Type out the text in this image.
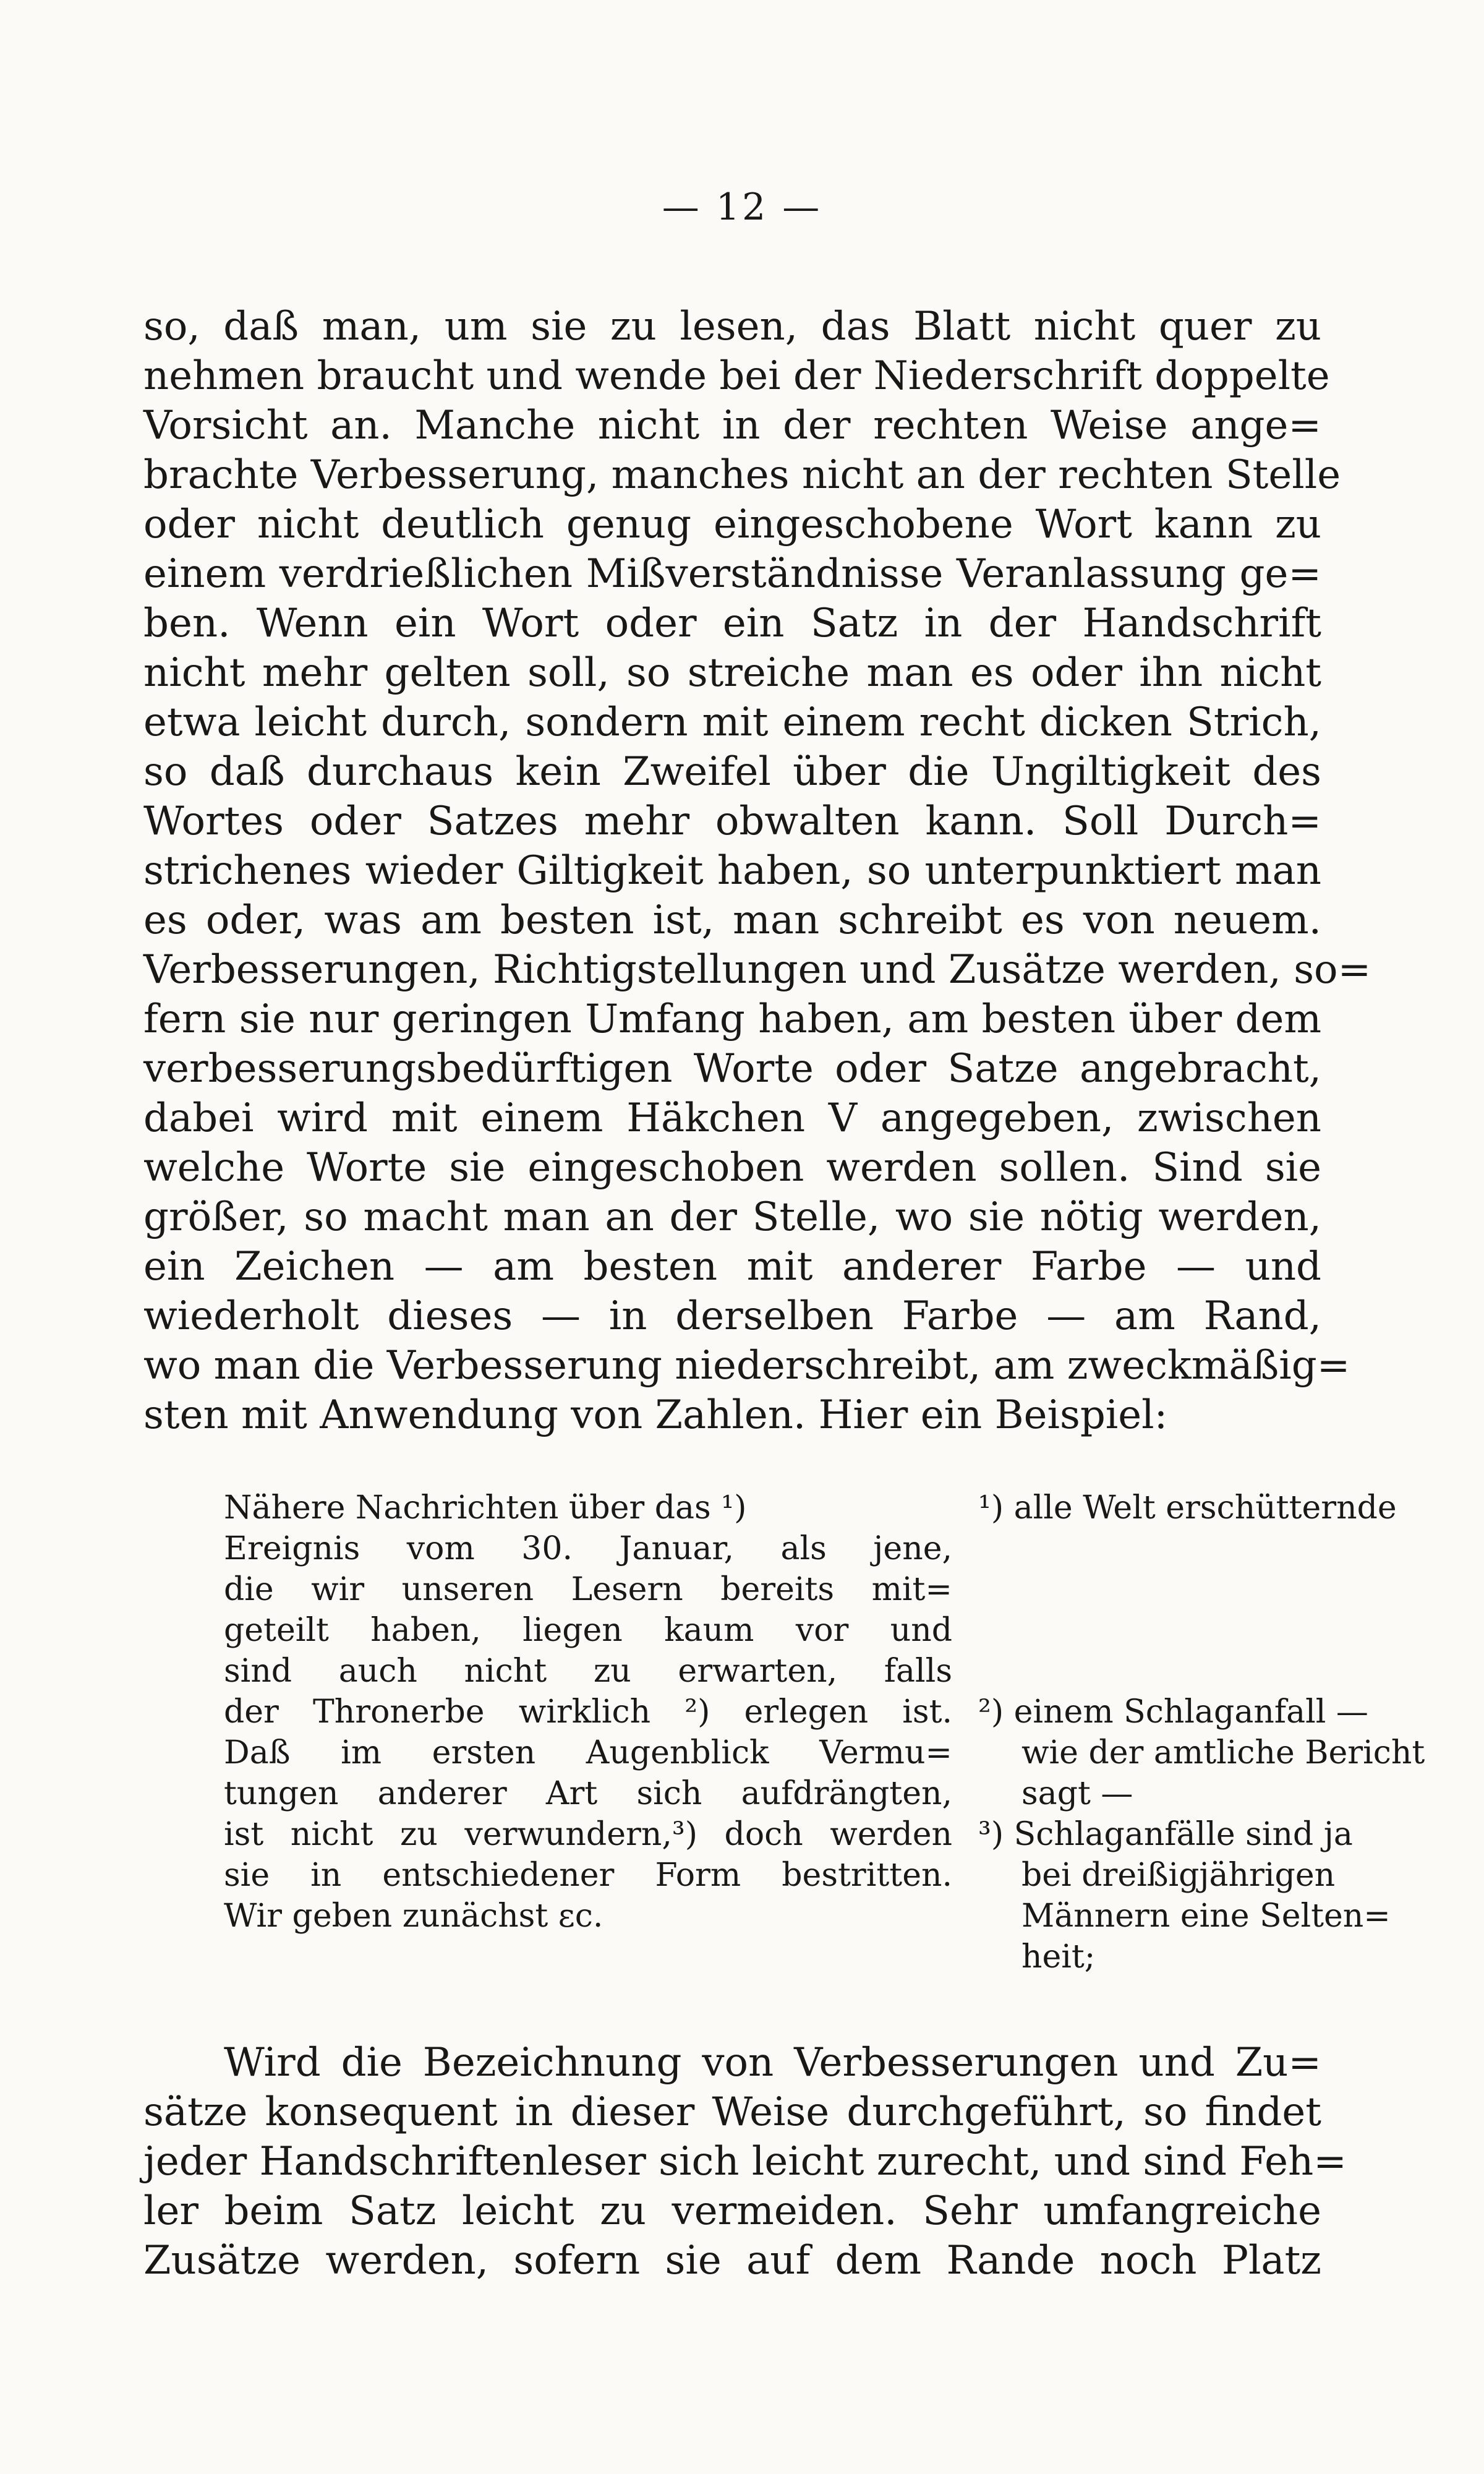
— 12 —
so, daß man, um sie zu lesen, das Blatt nicht quer zu
nehmen braucht und wende bei der Niederschrift doppelte
Vorsicht an. Manche nicht in der rechten Weise ange=
brachte Verbesserung, manches nicht an der rechten Stelle
oder nicht deutlich genug eingeschobene Wort kann zu
einem verdrießlichen Mißverständnisse Veranlassung ge=
ben. Wenn ein Wort oder ein Satz in der Handschrift
nicht mehr gelten soll, so streiche man es oder ihn nicht
etwa leicht durch, sondern mit einem recht dicken Strich,
so daß durchaus kein Zweifel über die Ungiltigkeit des
Wortes oder Satzes mehr obwalten kann. Soll Durch=
strichenes wieder Giltigkeit haben, so unterpunktiert man
es oder, was am besten ist, man schreibt es von neuem.
Verbesserungen, Richtigstellungen und Zusätze werden, so=
fern sie nur geringen Umfang haben, am besten über dem
verbesserungsbedürftigen Worte oder Satze angebracht,
dabei wird mit einem Häkchen V angegeben, zwischen
welche Worte sie eingeschoben werden sollen. Sind sie
größer, so macht man an der Stelle, wo sie nötig werden,
ein Zeichen — am besten mit anderer Farbe — und
wiederholt dieses — in derselben Farbe — am Rand,
wo man die Verbesserung niederschreibt, am zweckmäßig=
sten mit Anwendung von Zahlen. Hier ein Beispiel:
Nähere Nachrichten über das ¹)
Ereignis vom 30. Januar, als jene,
die wir unseren Lesern bereits mit=
geteilt haben, liegen kaum vor und
sind auch nicht zu erwarten, falls
der Thronerbe wirklich ²) erlegen ist.
Daß im ersten Augenblick Vermu=
tungen anderer Art sich aufdrängten,
ist nicht zu verwundern,³) doch werden
sie in entschiedener Form bestritten.
Wir geben zunächst ɛc.
¹) alle Welt erschütternde
²) einem Schlaganfall —
wie der amtliche Bericht
sagt —
³) Schlaganfälle sind ja
bei dreißigjährigen
Männern eine Selten=
heit;
Wird die Bezeichnung von Verbesserungen und Zu=
sätze konsequent in dieser Weise durchgeführt, so findet
jeder Handschriftenleser sich leicht zurecht, und sind Feh=
ler beim Satz leicht zu vermeiden. Sehr umfangreiche
Zusätze werden, sofern sie auf dem Rande noch Platz
